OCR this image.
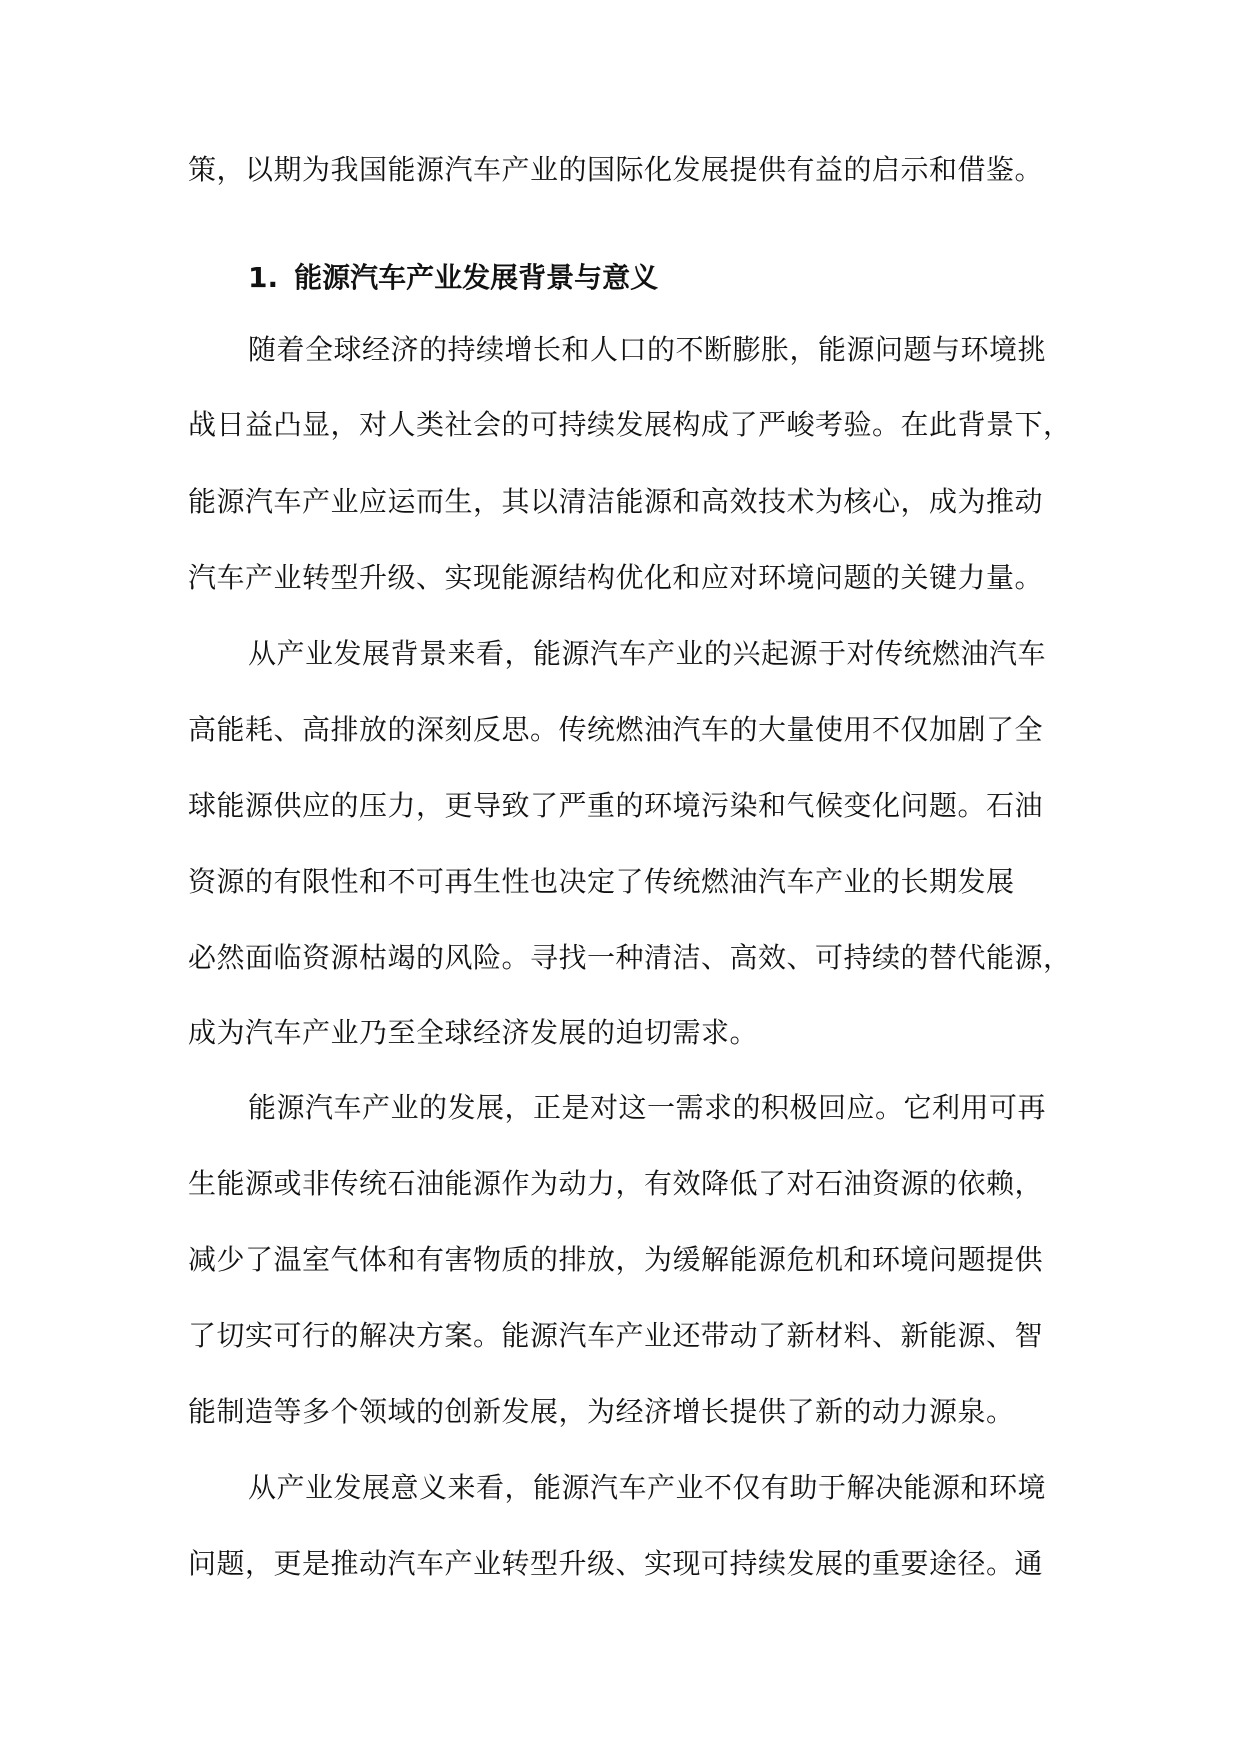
策，以期为我国能源汽车产业的国际化发展提供有益的启示和借鉴。
1. 能源汽车产业发展背景与意义
随着全球经济的持续增长和人口的不断膨胀，能源问题与环境挑
战日益凸显，对人类社会的可持续发展构成了严峻考验。在此背景下，
能源汽车产业应运而生，其以清洁能源和高效技术为核心，成为推动
汽车产业转型升级、实现能源结构优化和应对环境问题的关键力量。
从产业发展背景来看，能源汽车产业的兴起源于对传统燃油汽车
高能耗、高排放的深刻反思。传统燃油汽车的大量使用不仅加剧了全
球能源供应的压力，更导致了严重的环境污染和气候变化问题。石油
资源的有限性和不可再生性也决定了传统燃油汽车产业的长期发展
必然面临资源枯竭的风险。寻找一种清洁、高效、可持续的替代能源，
成为汽车产业乃至全球经济发展的迫切需求。
能源汽车产业的发展，正是对这一需求的积极回应。它利用可再
生能源或非传统石油能源作为动力，有效降低了对石油资源的依赖，
减少了温室气体和有害物质的排放，为缓解能源危机和环境问题提供
了切实可行的解决方案。能源汽车产业还带动了新材料、新能源、智
能制造等多个领域的创新发展，为经济增长提供了新的动力源泉。
从产业发展意义来看，能源汽车产业不仅有助于解决能源和环境
问题，更是推动汽车产业转型升级、实现可持续发展的重要途径。通
